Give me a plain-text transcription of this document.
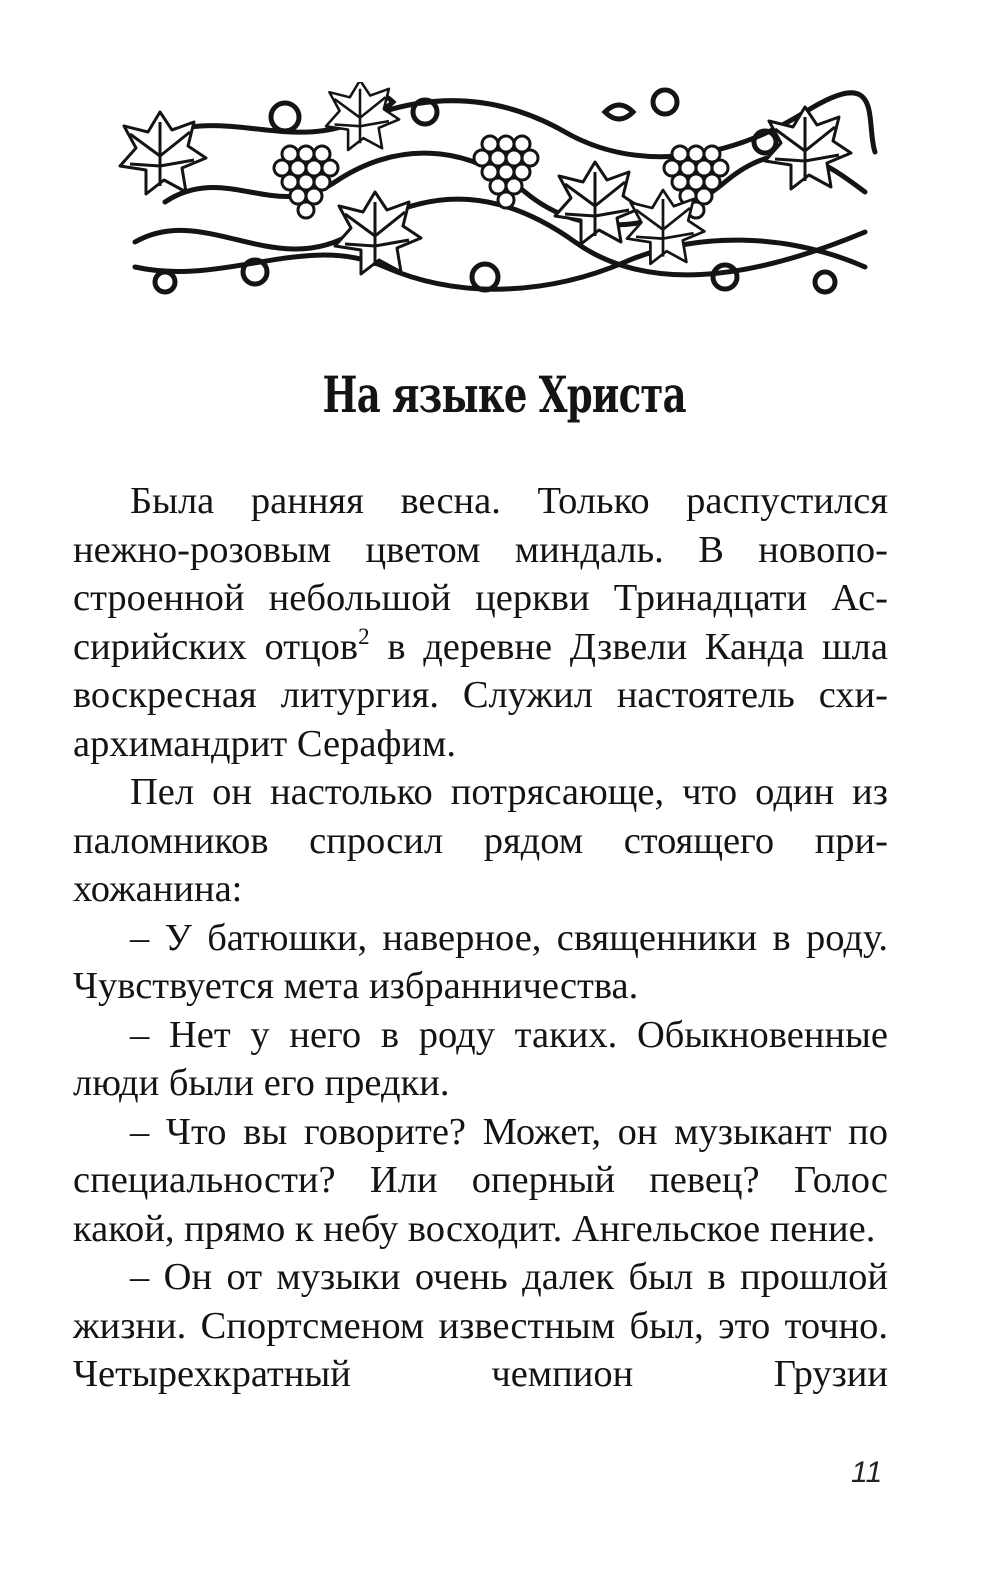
На языке Христа

Была ранняя весна. Только распустился нежно-розовым цветом миндаль. В новопостроенной небольшой церкви Тринадцати Ассирийских отцов$^2$ в деревне Дзвели Канда шла воскресная литургия. Служил настоятель схиархимандрит Серафим.

Пел он настолько потрясающе, что один из паломников спросил рядом стоящего прихожанина:

– У батюшки, наверное, священники в роду. Чувствуется мета избранничества.

– Нет у него в роду таких. Обыкновенные люди были его предки.

– Что вы говорите? Может, он музыкант по специальности? Или оперный певец? Голос какой, прямо к небу восходит. Ангельское пение.

– Он от музыки очень далек был в прошлой жизни. Спортсменом известным был, это точно. Четырехкратный чемпион Грузии

11
